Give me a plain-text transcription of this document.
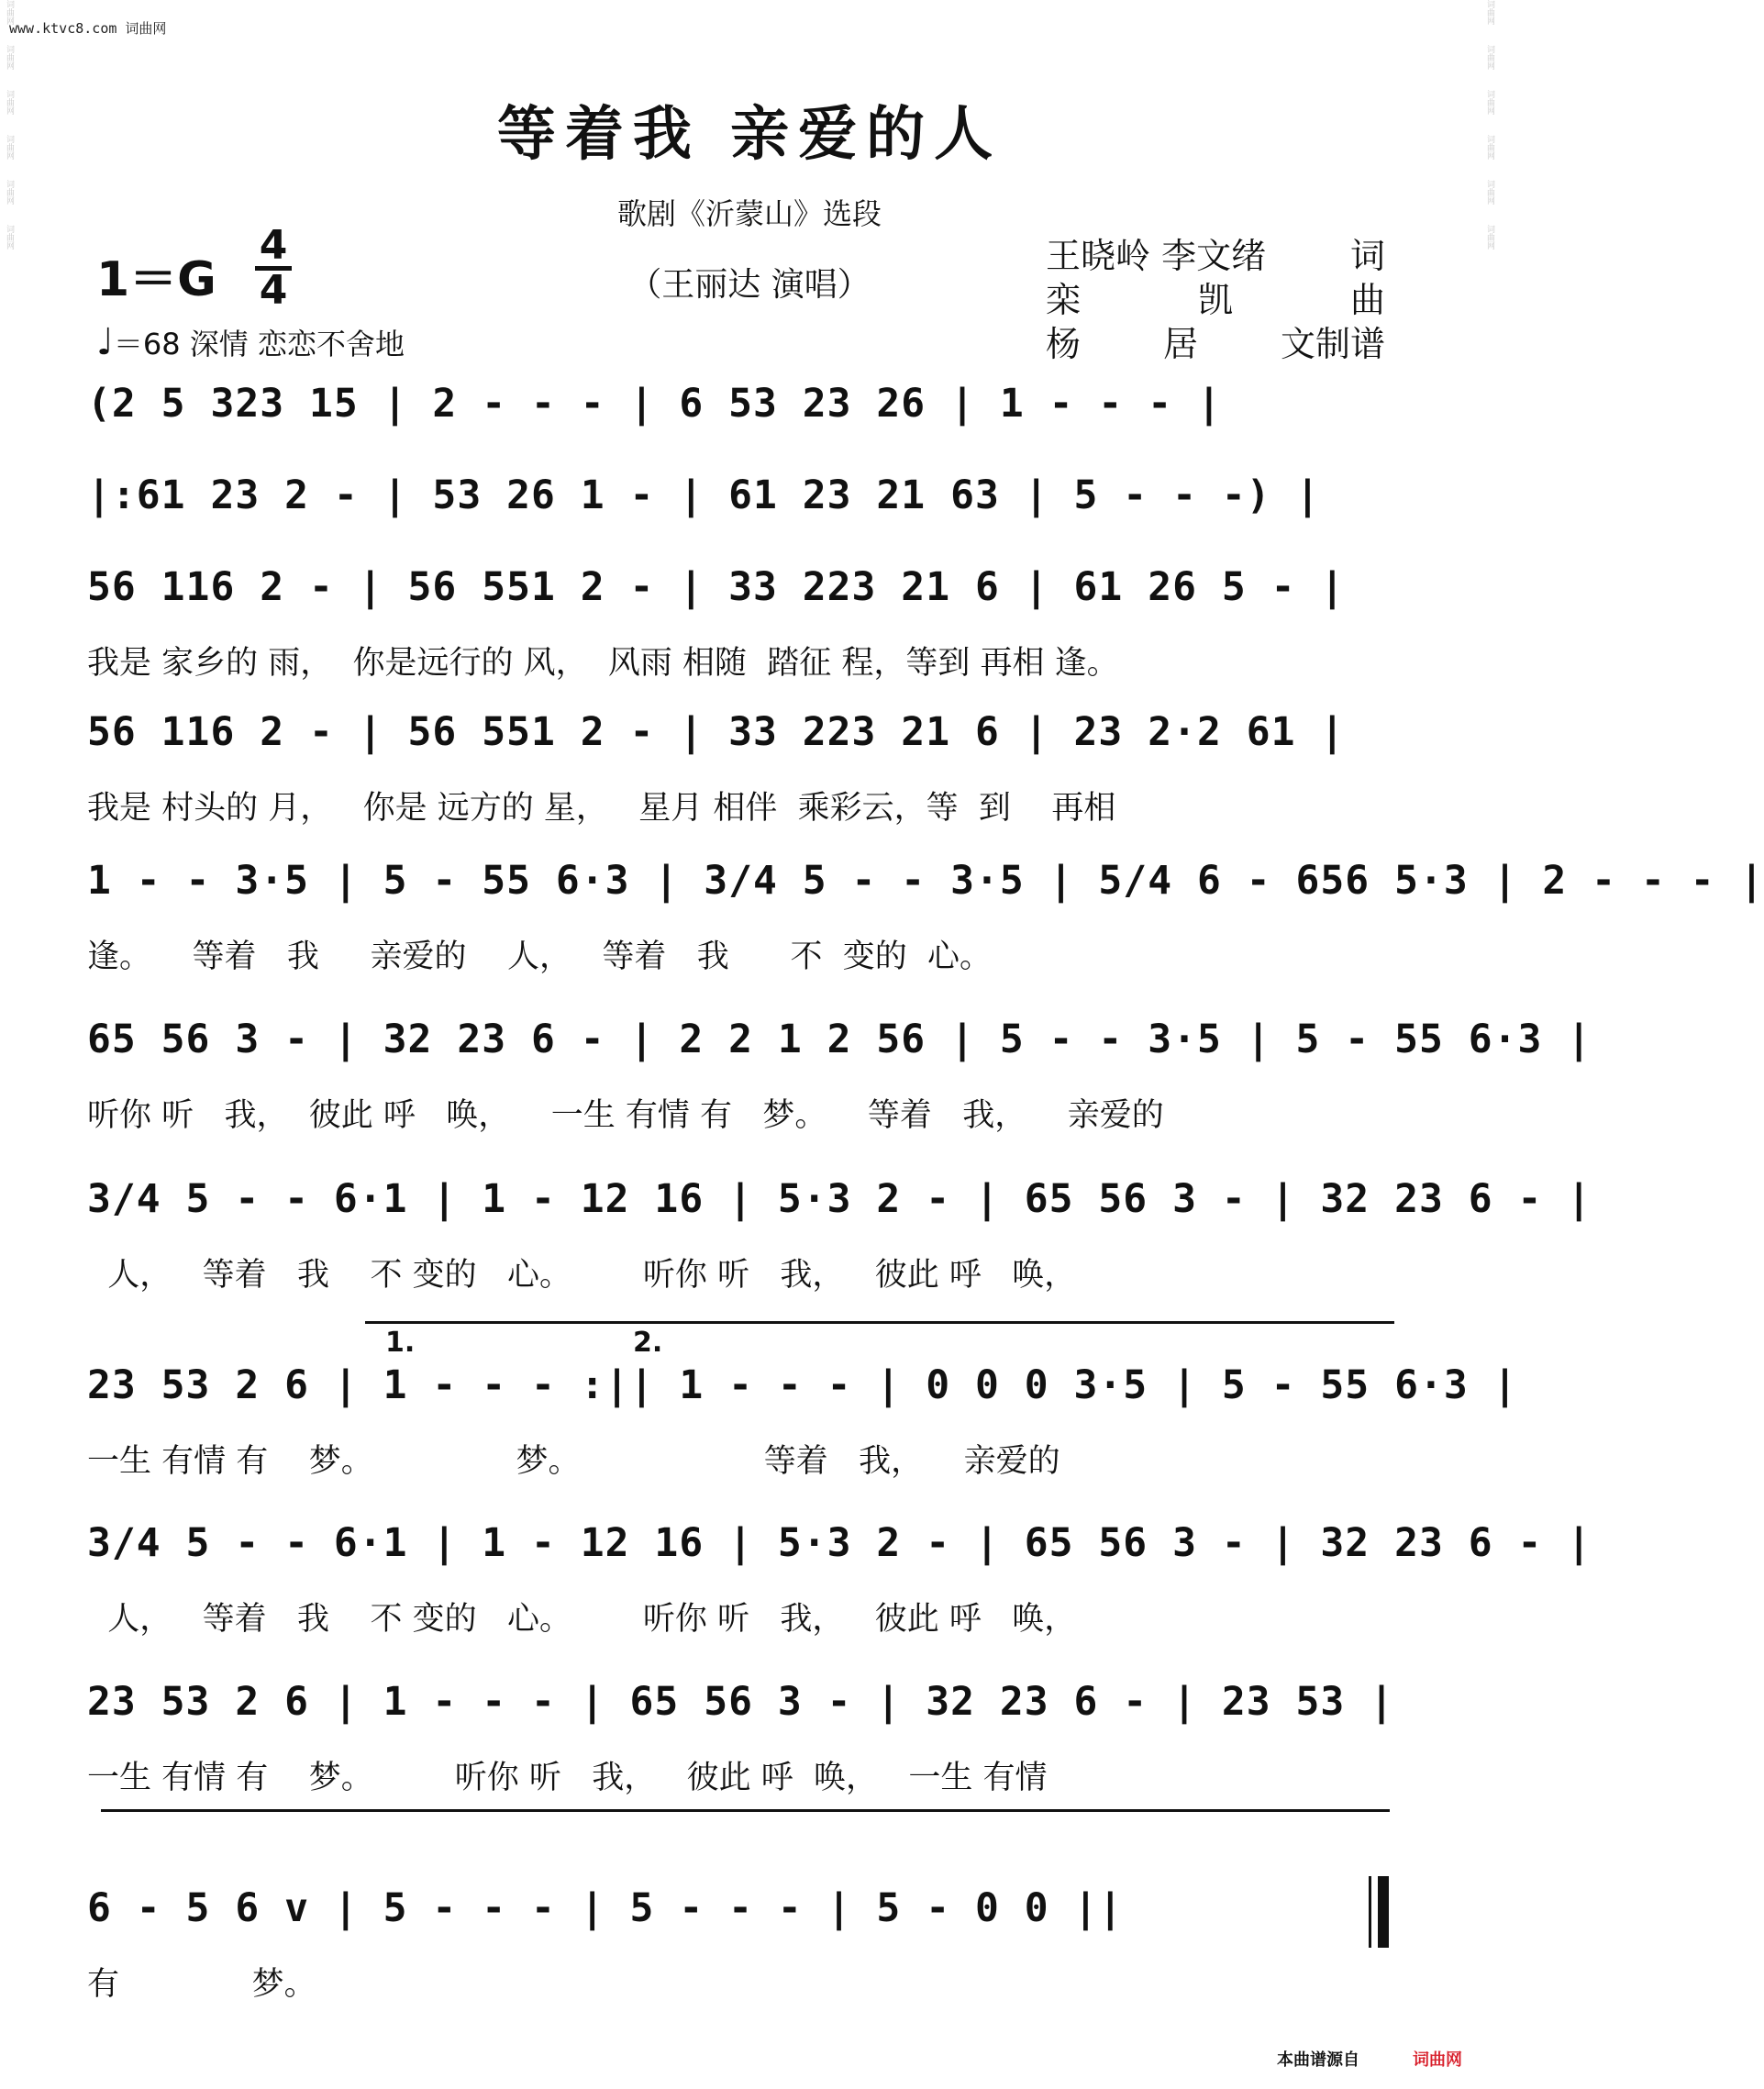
www.ktvc8.com 词曲网
词曲网
词曲网
词曲网
词曲网
词曲网
词曲网
词曲网
词曲网
词曲网
词曲网
词曲网
词曲网
等着我 亲爱的人
歌剧《沂蒙山》选段
（王丽达 演唱）
1＝G
4
4
♩＝68 深情 恋恋不舍地
王晓岭 李文绪 词
栾	凯	曲
杨 居 文制谱
(2 5 323 15 | 2 - - - | 6 53 23 26 | 1 - - - |
|:61 23 2 - | 53 26 1 - | 61 23 21 63 | 5 - - -) |
56 116 2 - | 56 551 2 - | 33 223 21 6 | 61 26 5 - |
我是 家乡的 雨，  你是远行的 风，  风雨 相随  踏征 程，等到 再相 逢。
56 116 2 - | 56 551 2 - | 33 223 21 6 | 23 2·2 61 |
我是 村头的 月，   你是 远方的 星，   星月 相伴  乘彩云，等  到    再相
1 - - 3·5 | 5 - 55 6·3 | 3/4 5 - - 3·5 | 5/4 6 - 656 5·3 | 2 - - - |
逢。    等着   我     亲爱的    人，   等着   我      不  变的  心。
65 56 3 - | 32 23 6 - | 2 2 1 2 56 | 5 - - 3·5 | 5 - 55 6·3 |
听你 听   我，  彼此 呼   唤，    一生 有情 有   梦。    等着   我，    亲爱的
3/4 5 - - 6·1 | 1 - 12 16 | 5·3 2 - | 65 56 3 - | 32 23 6 - |
人，   等着   我    不 变的   心。       听你 听   我，   彼此 呼   唤，
23 53 2 6 | 1 - - - :|| 1 - - - | 0 0 0 3·5 | 5 - 55 6·3 |
一生 有情 有    梦。              梦。                  等着   我，    亲爱的
3/4 5 - - 6·1 | 1 - 12 16 | 5·3 2 - | 65 56 3 - | 32 23 6 - |
人，   等着   我    不 变的   心。       听你 听   我，   彼此 呼   唤，
23 53 2 6 | 1 - - - | 65 56 3 - | 32 23 6 - | 23 53 |
一生 有情 有    梦。        听你 听   我，   彼此 呼  唤，   一生 有情
6 - 5 6 v | 5 - - - | 5 - - - | 5 - 0 0 ||
有             梦。
1.	2.
本曲谱源自	词曲网
